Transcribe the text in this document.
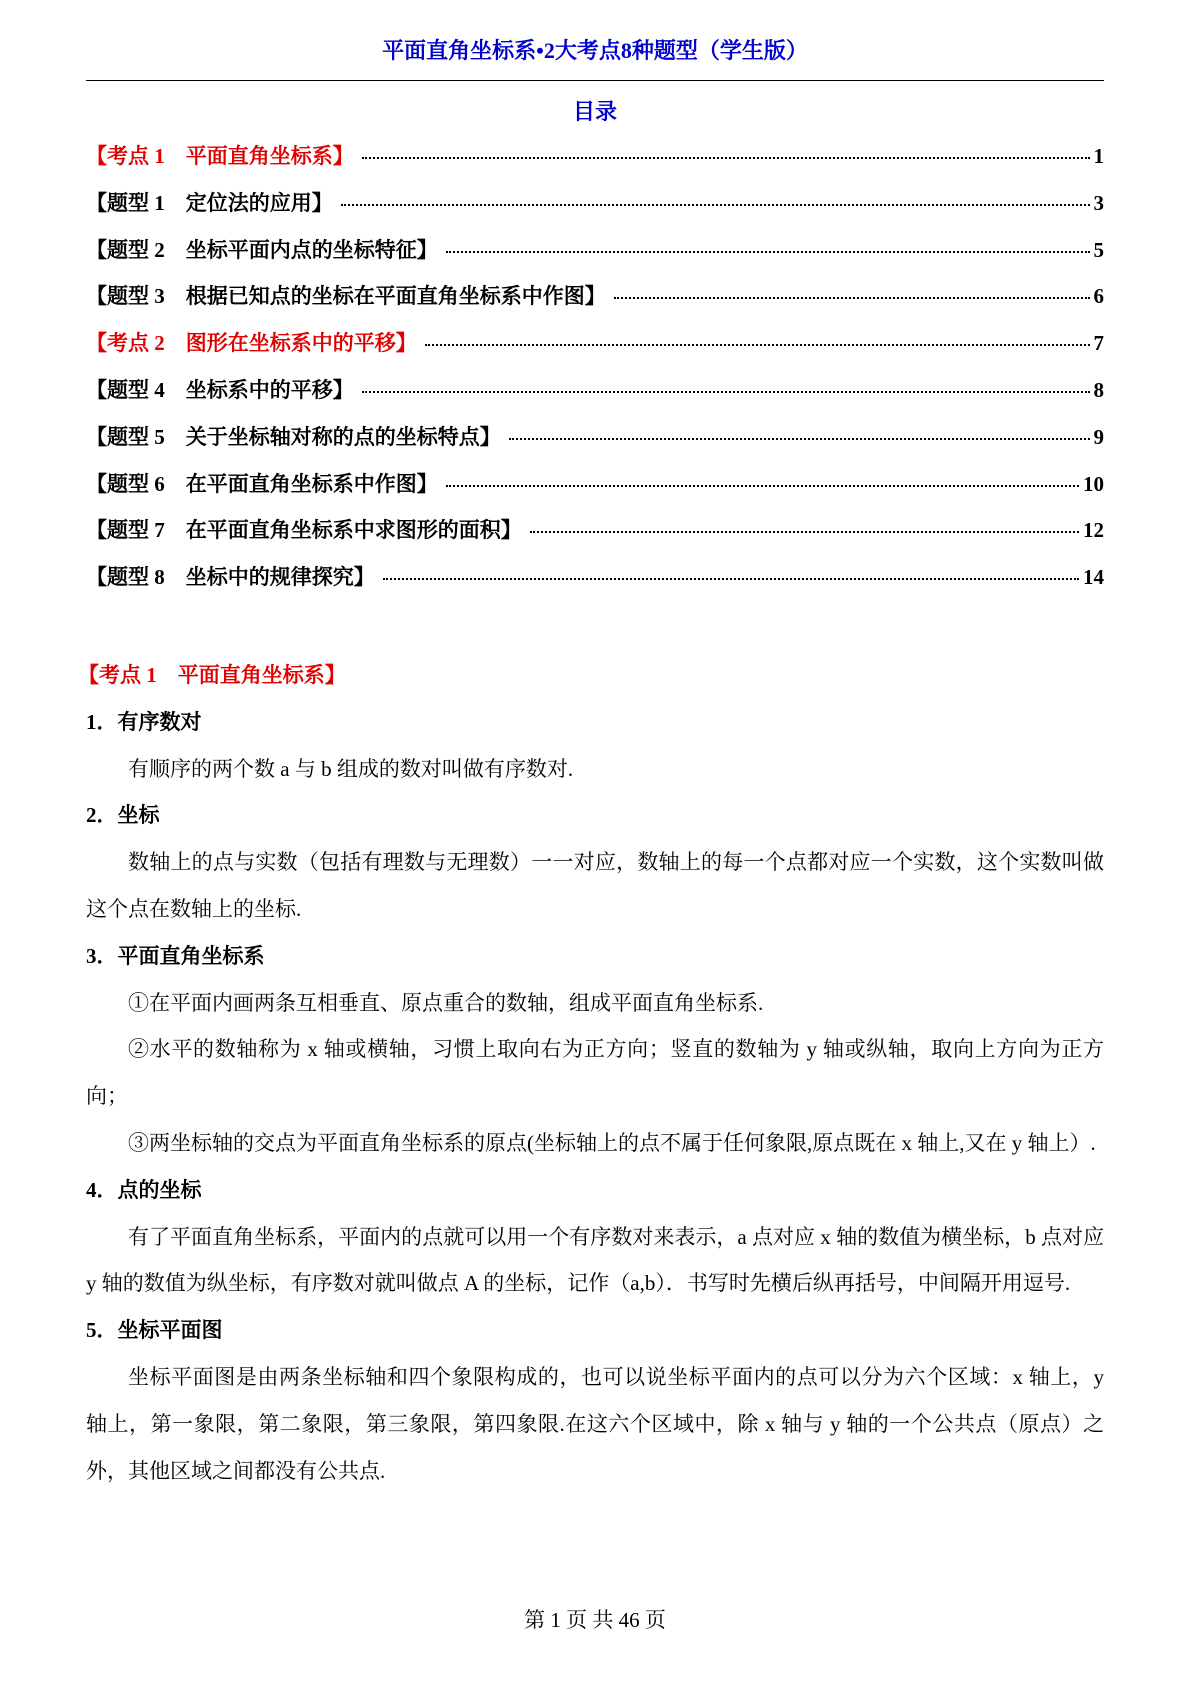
平面直角坐标系•2大考点8种题型（学生版）
目录
【考点 1　平面直角坐标系】	1
【题型 1　定位法的应用】	3
【题型 2　坐标平面内点的坐标特征】	5
【题型 3　根据已知点的坐标在平面直角坐标系中作图】	6
【考点 2　图形在坐标系中的平移】	7
【题型 4　坐标系中的平移】	8
【题型 5　关于坐标轴对称的点的坐标特点】	9
【题型 6　在平面直角坐标系中作图】	10
【题型 7　在平面直角坐标系中求图形的面积】	12
【题型 8　坐标中的规律探究】	14
【考点 1　平面直角坐标系】
1．有序数对
有顺序的两个数 a 与 b 组成的数对叫做有序数对.
2．坐标
数轴上的点与实数（包括有理数与无理数）一一对应，数轴上的每一个点都对应一个实数，这个实数叫做这个点在数轴上的坐标.
3．平面直角坐标系
①在平面内画两条互相垂直、原点重合的数轴，组成平面直角坐标系.
②水平的数轴称为 x 轴或横轴，习惯上取向右为正方向；竖直的数轴为 y 轴或纵轴，取向上方向为正方向；
③两坐标轴的交点为平面直角坐标系的原点(坐标轴上的点不属于任何象限,原点既在 x 轴上,又在 y 轴上）.
4．点的坐标
有了平面直角坐标系，平面内的点就可以用一个有序数对来表示，a 点对应 x 轴的数值为横坐标，b 点对应 y 轴的数值为纵坐标，有序数对就叫做点 A 的坐标，记作（a,b）．书写时先横后纵再括号，中间隔开用逗号.
5．坐标平面图
坐标平面图是由两条坐标轴和四个象限构成的，也可以说坐标平面内的点可以分为六个区域：x 轴上，y 轴上，第一象限，第二象限，第三象限，第四象限.在这六个区域中，除 x 轴与 y 轴的一个公共点（原点）之外，其他区域之间都没有公共点.
第 1 页 共 46 页
